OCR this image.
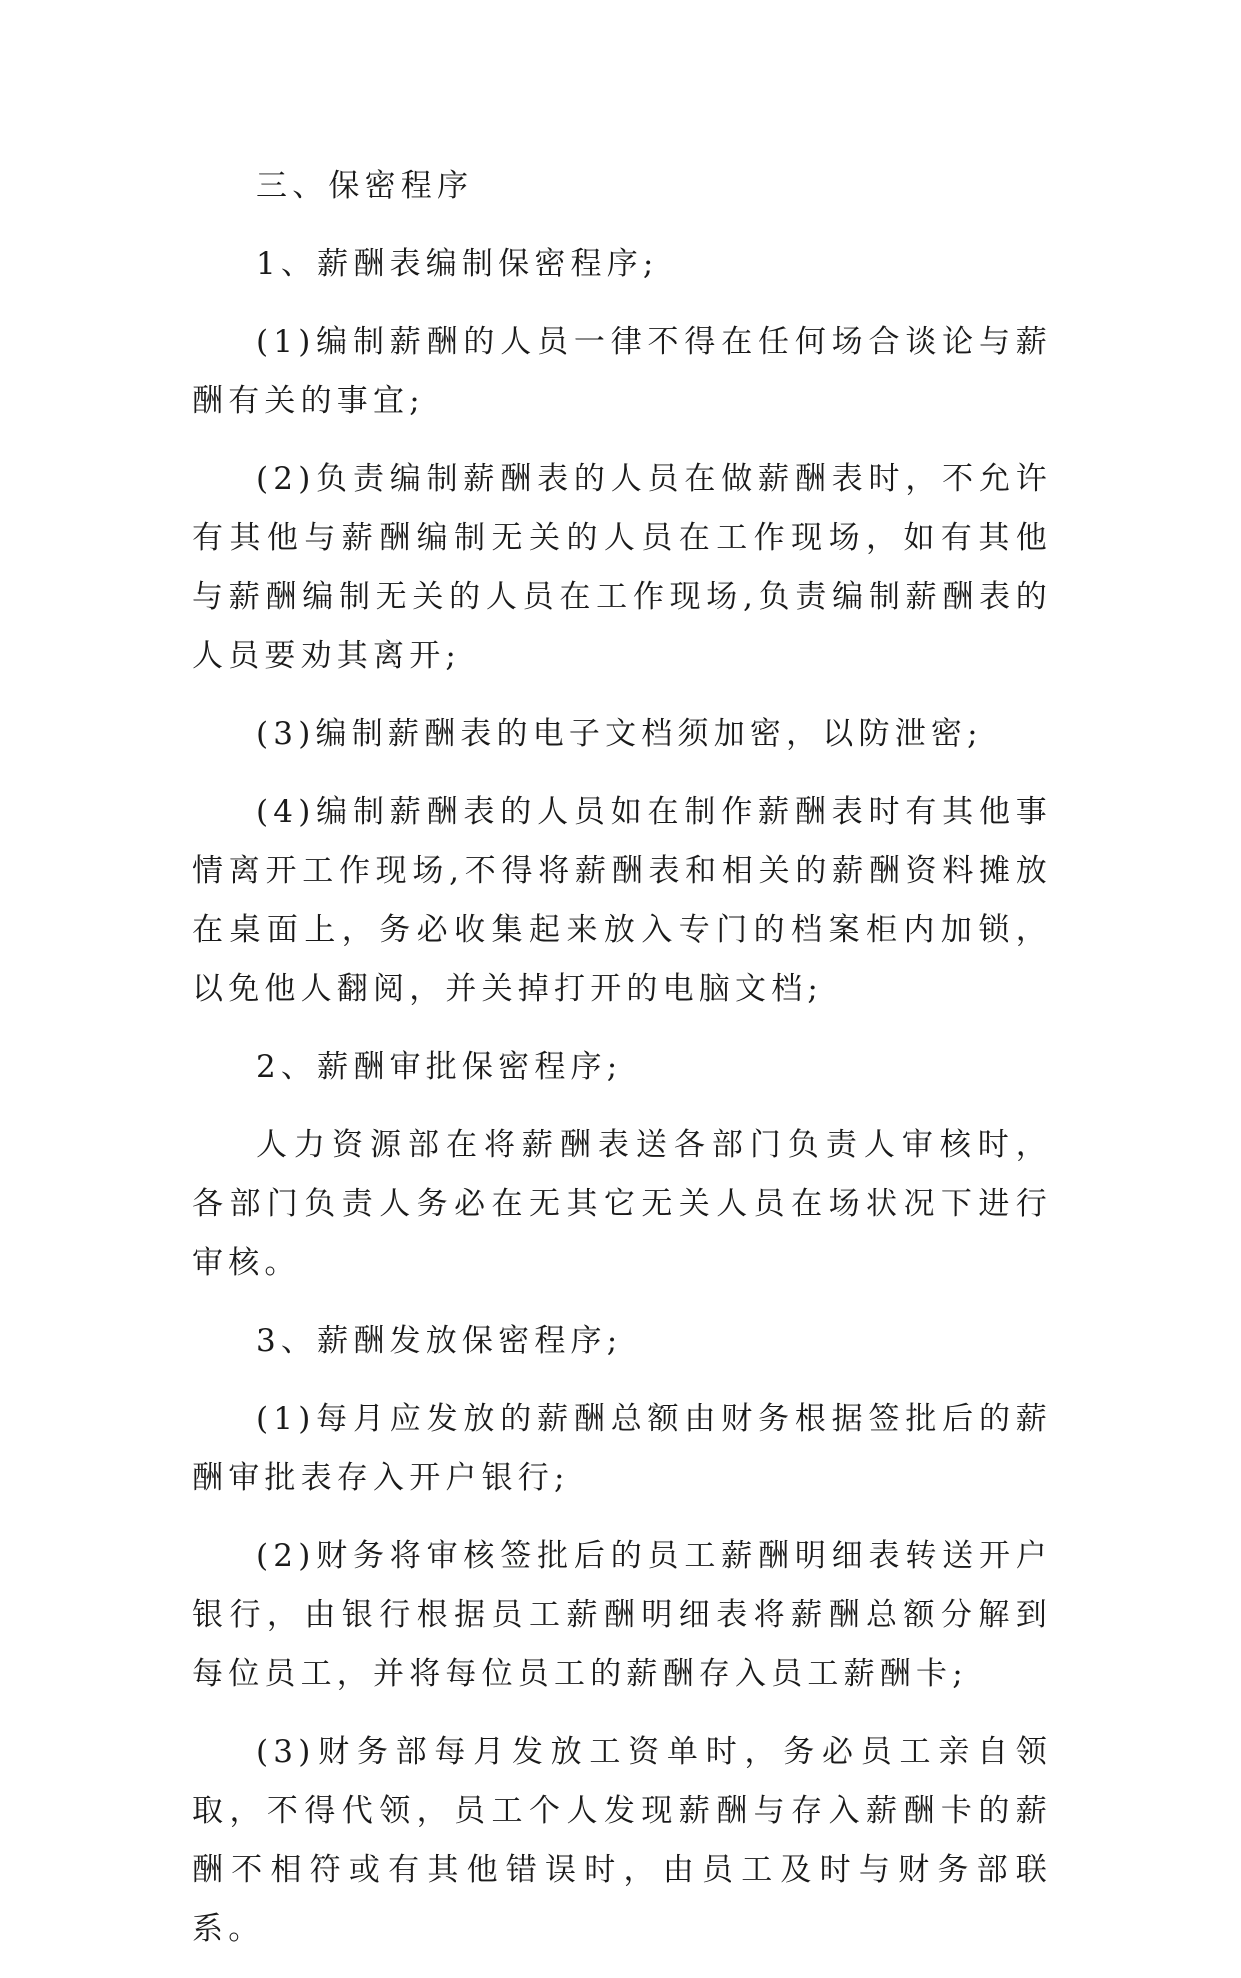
三、保密程序

1、薪酬表编制保密程序;

(1)编制薪酬的人员一律不得在任何场合谈论与薪酬有关的事宜;

(2)负责编制薪酬表的人员在做薪酬表时，不允许有其他与薪酬编制无关的人员在工作现场，如有其他与薪酬编制无关的人员在工作现场,负责编制薪酬表的人员要劝其离开;

(3)编制薪酬表的电子文档须加密，以防泄密;

(4)编制薪酬表的人员如在制作薪酬表时有其他事情离开工作现场,不得将薪酬表和相关的薪酬资料摊放在桌面上，务必收集起来放入专门的档案柜内加锁，以免他人翻阅，并关掉打开的电脑文档;

2、薪酬审批保密程序;

人力资源部在将薪酬表送各部门负责人审核时，各部门负责人务必在无其它无关人员在场状况下进行审核。

3、薪酬发放保密程序;

(1)每月应发放的薪酬总额由财务根据签批后的薪酬审批表存入开户银行;

(2)财务将审核签批后的员工薪酬明细表转送开户银行，由银行根据员工薪酬明细表将薪酬总额分解到每位员工，并将每位员工的薪酬存入员工薪酬卡;

(3)财务部每月发放工资单时，务必员工亲自领取，不得代领，员工个人发现薪酬与存入薪酬卡的薪酬不相符或有其他错误时，由员工及时与财务部联系。
